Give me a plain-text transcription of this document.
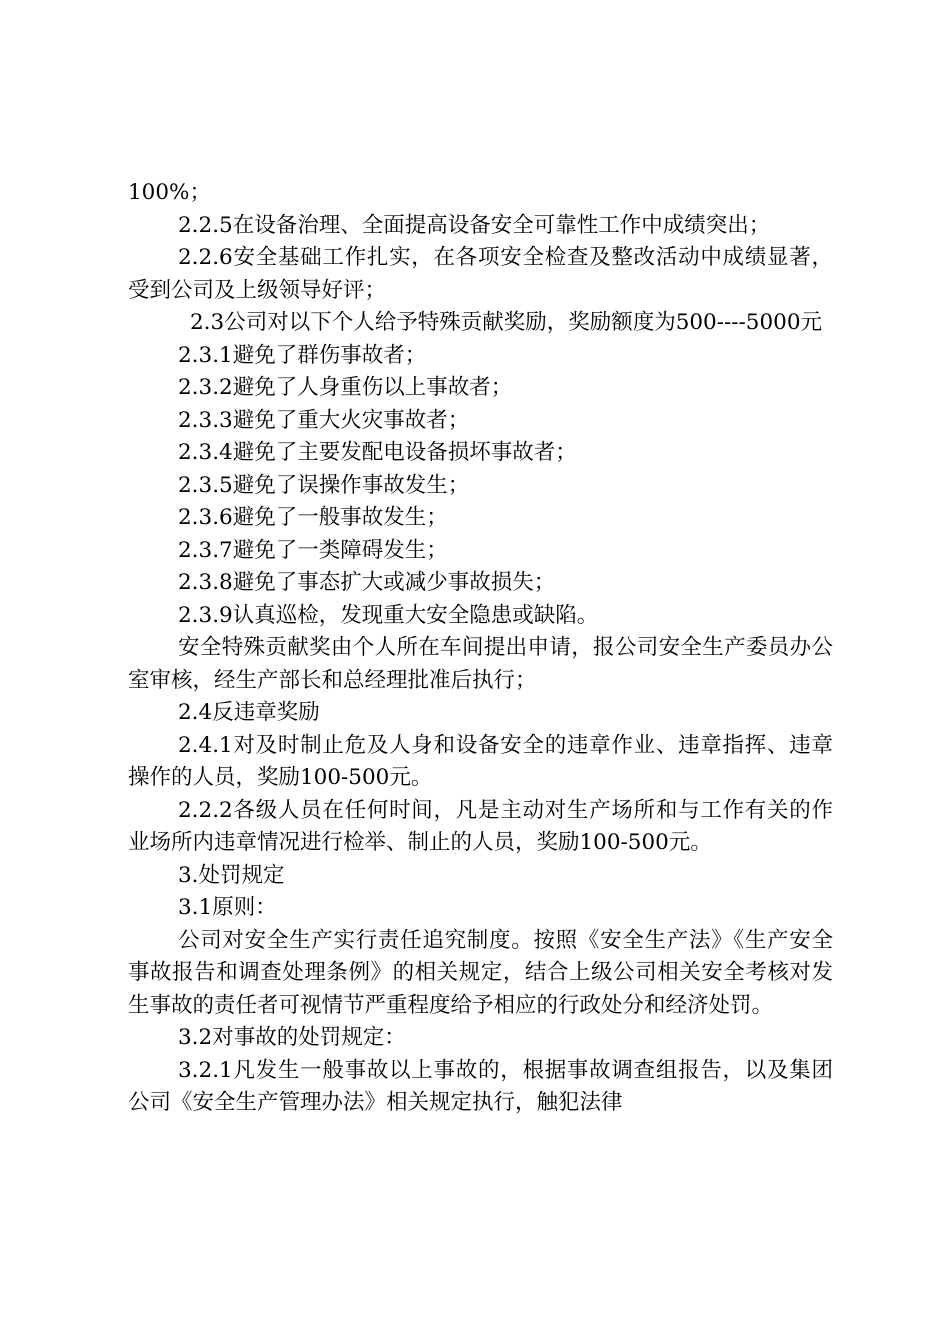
100%；

2.2.5在设备治理、全面提高设备安全可靠性工作中成绩突出；

2.2.6安全基础工作扎实，在各项安全检查及整改活动中成绩显著，受到公司及上级领导好评；

2.3公司对以下个人给予特殊贡献奖励，奖励额度为500----5000元

2.3.1避免了群伤事故者；

2.3.2避免了人身重伤以上事故者；

2.3.3避免了重大火灾事故者；

2.3.4避免了主要发配电设备损坏事故者；

2.3.5避免了误操作事故发生；

2.3.6避免了一般事故发生；

2.3.7避免了一类障碍发生；

2.3.8避免了事态扩大或减少事故损失；

2.3.9认真巡检，发现重大安全隐患或缺陷。

安全特殊贡献奖由个人所在车间提出申请，报公司安全生产委员办公室审核，经生产部长和总经理批准后执行；

2.4反违章奖励

2.4.1对及时制止危及人身和设备安全的违章作业、违章指挥、违章操作的人员，奖励100-500元。

2.2.2各级人员在任何时间，凡是主动对生产场所和与工作有关的作业场所内违章情况进行检举、制止的人员，奖励100-500元。

3.处罚规定

3.1原则：

公司对安全生产实行责任追究制度。按照《安全生产法》《生产安全事故报告和调查处理条例》的相关规定，结合上级公司相关安全考核对发生事故的责任者可视情节严重程度给予相应的行政处分和经济处罚。

3.2对事故的处罚规定：

3.2.1凡发生一般事故以上事故的，根据事故调查组报告，以及集团公司《安全生产管理办法》相关规定执行，触犯法律
